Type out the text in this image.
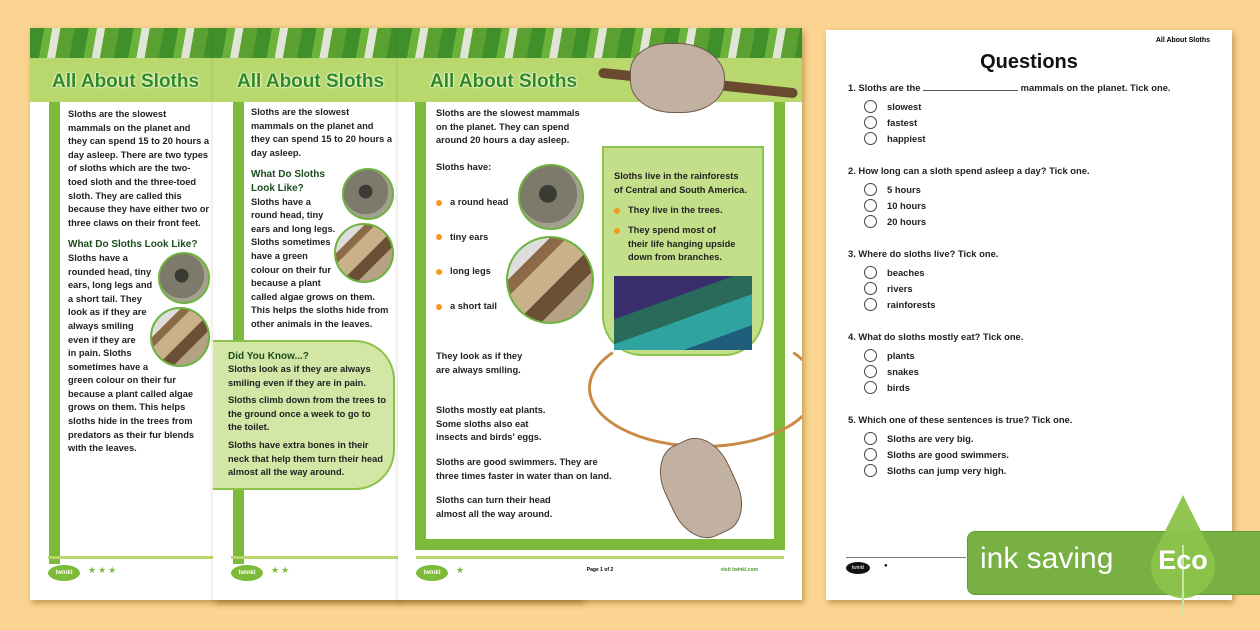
All About Sloths
Sloths are the slowest mammals on the planet and they can spend 15 to 20 hours a day asleep. There are two types of sloths which are the two-toed sloth and the three-toed sloth. They are called this because they have either two or three claws on their front feet.
What Do Sloths Look Like?
Sloths have a rounded head, tiny ears, long legs and a short tail. They look as if they are always smiling even if they are in pain. Sloths sometimes have a green colour on their fur because a plant called algae grows on them. This helps sloths hide in the trees from predators as their fur blends with the leaves.
twinkl	★★★
All About Sloths
Sloths are the slowest mammals on the planet and they can spend 15 to 20 hours a day asleep.
What Do Sloths Look Like?
Sloths have a round head, tiny ears and long legs. Sloths sometimes have a green colour on their fur because a plant called algae grows on them. This helps the sloths hide from other animals in the leaves.
Did You Know...?
Sloths look as if they are always smiling even if they are in pain.
Sloths climb down from the trees to the ground once a week to go to the toilet.
Sloths have extra bones in their neck that help them turn their head almost all the way around.
twinkl	★★
All About Sloths
Sloths are the slowest mammals
on the planet. They can spend
around 20 hours a day asleep.
Sloths have:
a round head
tiny ears
long legs
a short tail
Sloths live in the rainforests
of Central and South America.
They live in the trees.
They spend most of
their life hanging upside
down from branches.
They look as if they
are always smiling.
Sloths mostly eat plants.
Some sloths also eat
insects and birds' eggs.
Sloths are good swimmers. They are
three times faster in water than on land.
Sloths can turn their head
almost all the way around.
twinkl	★	Page 1 of 2	visit twinkl.com
All About Sloths
Questions
1. Sloths are the	mammals on the planet. Tick one.
slowest
fastest
happiest
2. How long can a sloth spend asleep a day? Tick one.
5 hours
10 hours
20 hours
3. Where do sloths live? Tick one.
beaches
rivers
rainforests
4. What do sloths mostly eat? Tick one.
plants
snakes
birds
5. Which one of these sentences is true? Tick one.
Sloths are very big.
Sloths are good swimmers.
Sloths can jump very high.
twinkl	●	ink saving	Eco
